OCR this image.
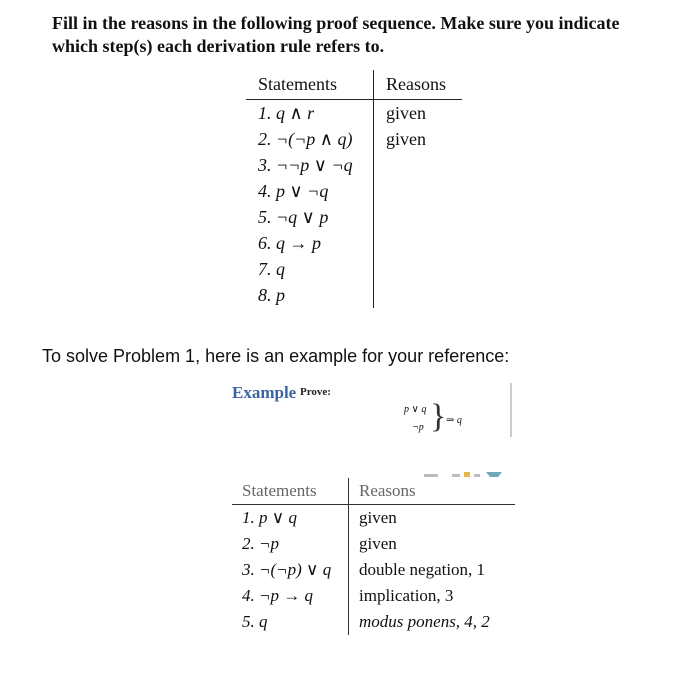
Fill in the reasons in the following proof sequence. Make sure you indicate which step(s) each derivation rule refers to.
Statements	Reasons
1. q ∧ r	given
2. ¬(¬p ∧ q)	given
3. ¬¬p ∨ ¬q	
4. p ∨ ¬q	
5. ¬q ∨ p	
6. q → p	
7. q	
8. p	
To solve Problem 1, here is an example for your reference:
Example Prove:
p ∨ q
¬p } ⇒ q
Statements	Reasons
1. p ∨ q	given
2. ¬p	given
3. ¬(¬p) ∨ q	double negation, 1
4. ¬p → q	implication, 3
5. q	modus ponens, 4, 2
